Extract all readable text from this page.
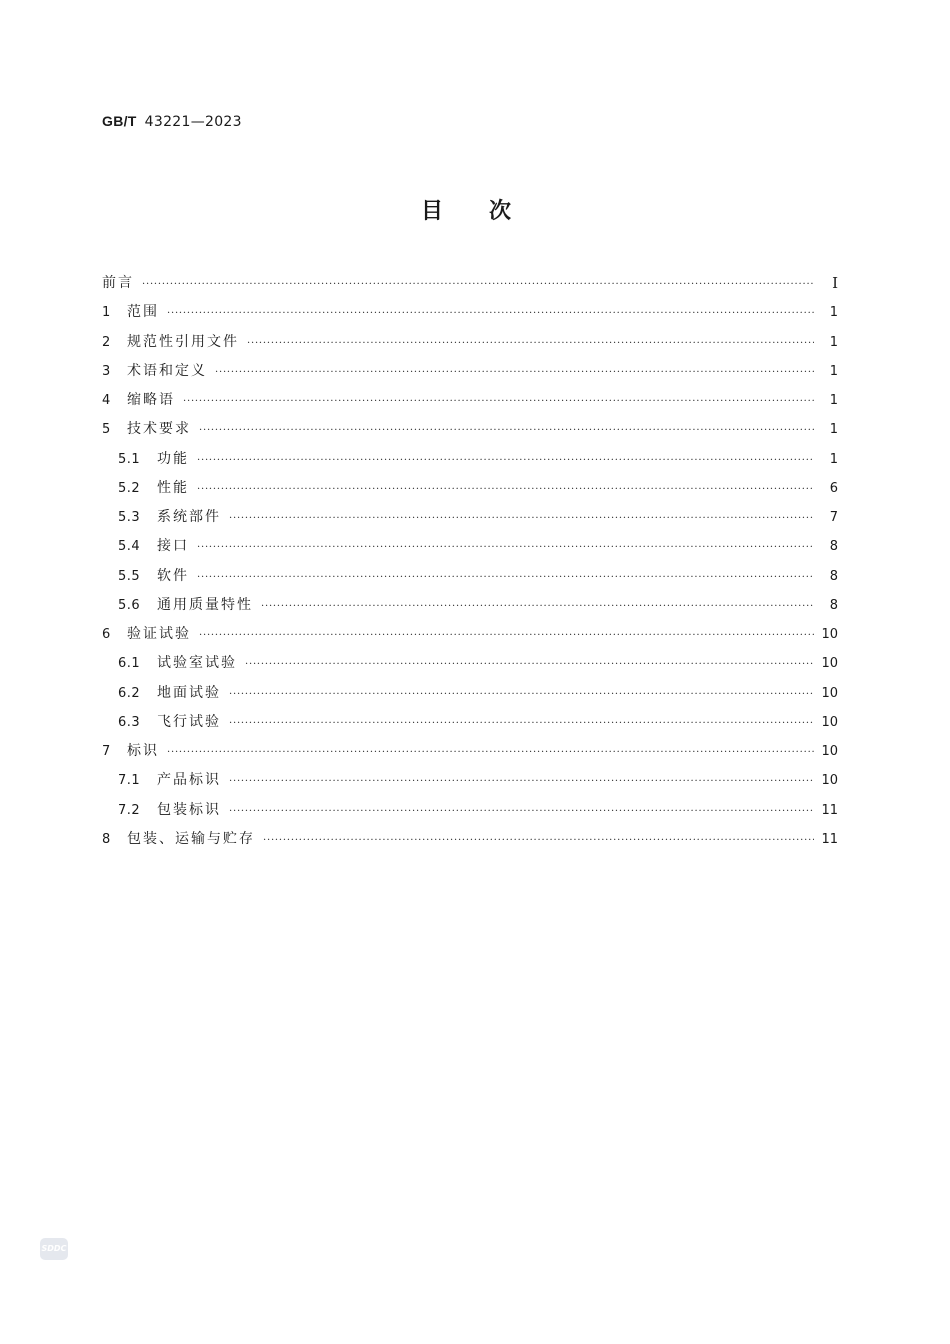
GB/T 43221—2023
目次
前言 ·····	Ⅰ
1	范围 ·····	1
2	规范性引用文件 ·····	1
3	术语和定义 ·····	1
4	缩略语 ·····	1
5	技术要求 ·····	1
5.1	功能 ·····	1
5.2	性能 ·····	6
5.3	系统部件 ·····	7
5.4	接口 ·····	8
5.5	软件 ·····	8
5.6	通用质量特性 ·····	8
6	验证试验 ·····	10
6.1	试验室试验 ·····	10
6.2	地面试验 ·····	10
6.3	飞行试验 ·····	10
7	标识 ·····	10
7.1	产品标识 ·····	10
7.2	包装标识 ·····	11
8	包装、运输与贮存 ·····	11
SDDC
